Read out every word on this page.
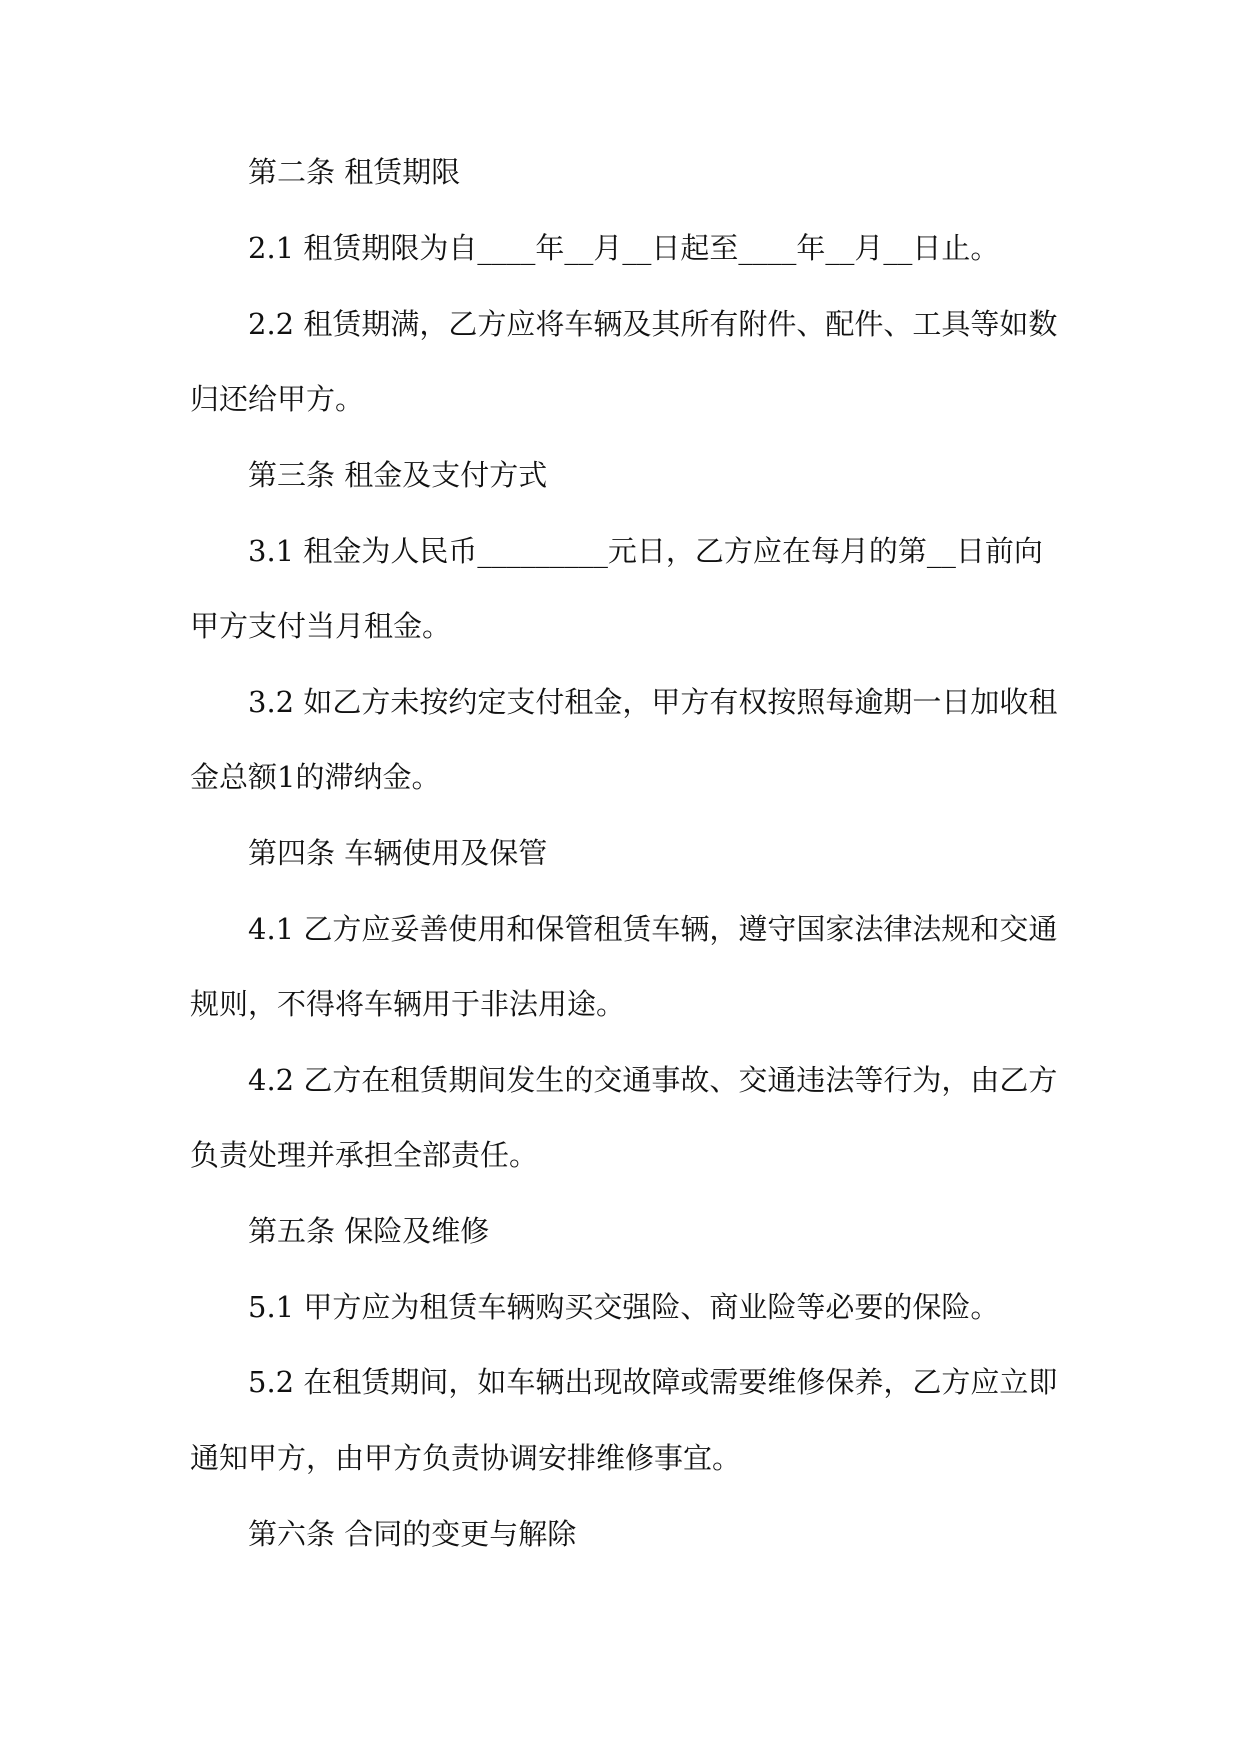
第二条 租赁期限
2.1 租赁期限为自____年__月__日起至____年__月__日止。
2.2 租赁期满，乙方应将车辆及其所有附件、配件、工具等如数
归还给甲方。
第三条 租金及支付方式
3.1 租金为人民币_________元日，乙方应在每月的第__日前向
甲方支付当月租金。
3.2 如乙方未按约定支付租金，甲方有权按照每逾期一日加收租
金总额1的滞纳金。
第四条 车辆使用及保管
4.1 乙方应妥善使用和保管租赁车辆，遵守国家法律法规和交通
规则，不得将车辆用于非法用途。
4.2 乙方在租赁期间发生的交通事故、交通违法等行为，由乙方
负责处理并承担全部责任。
第五条 保险及维修
5.1 甲方应为租赁车辆购买交强险、商业险等必要的保险。
5.2 在租赁期间，如车辆出现故障或需要维修保养，乙方应立即
通知甲方，由甲方负责协调安排维修事宜。
第六条 合同的变更与解除
